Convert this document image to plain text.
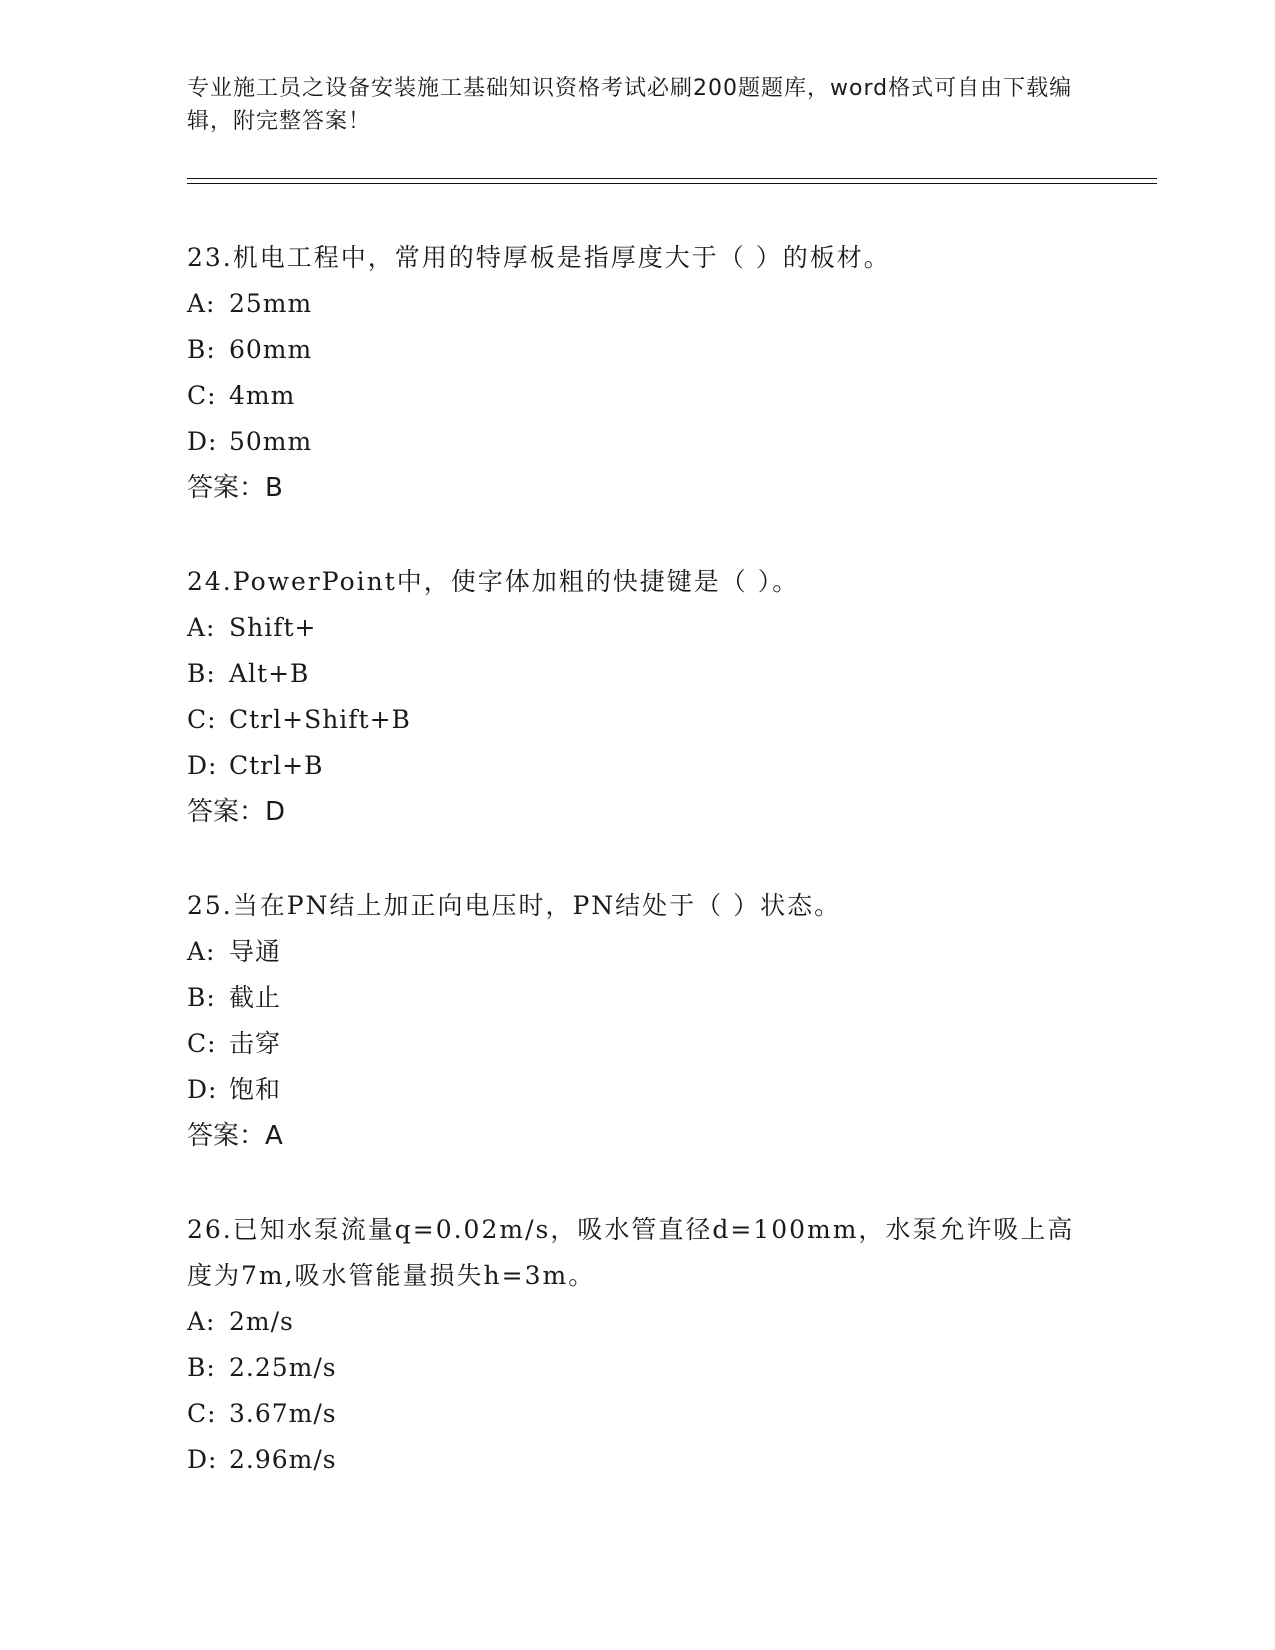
专业施工员之设备安装施工基础知识资格考试必刷200题题库，word格式可自由下载编辑，附完整答案！
23.机电工程中，常用的特厚板是指厚度大于（ ）的板材。
A: 25mm
B: 60mm
C: 4mm
D: 50mm
答案：B
24.PowerPoint中，使字体加粗的快捷键是（ ）。
A: Shift+
B: Alt+B
C: Ctrl+Shift+B
D: Ctrl+B
答案：D
25.当在PN结上加正向电压时，PN结处于（ ）状态。
A: 导通
B: 截止
C: 击穿
D: 饱和
答案：A
26.已知水泵流量q=0.02m/s，吸水管直径d=100mm，水泵允许吸上高度为7m,吸水管能量损失h=3m。
A: 2m/s
B: 2.25m/s
C: 3.67m/s
D: 2.96m/s
